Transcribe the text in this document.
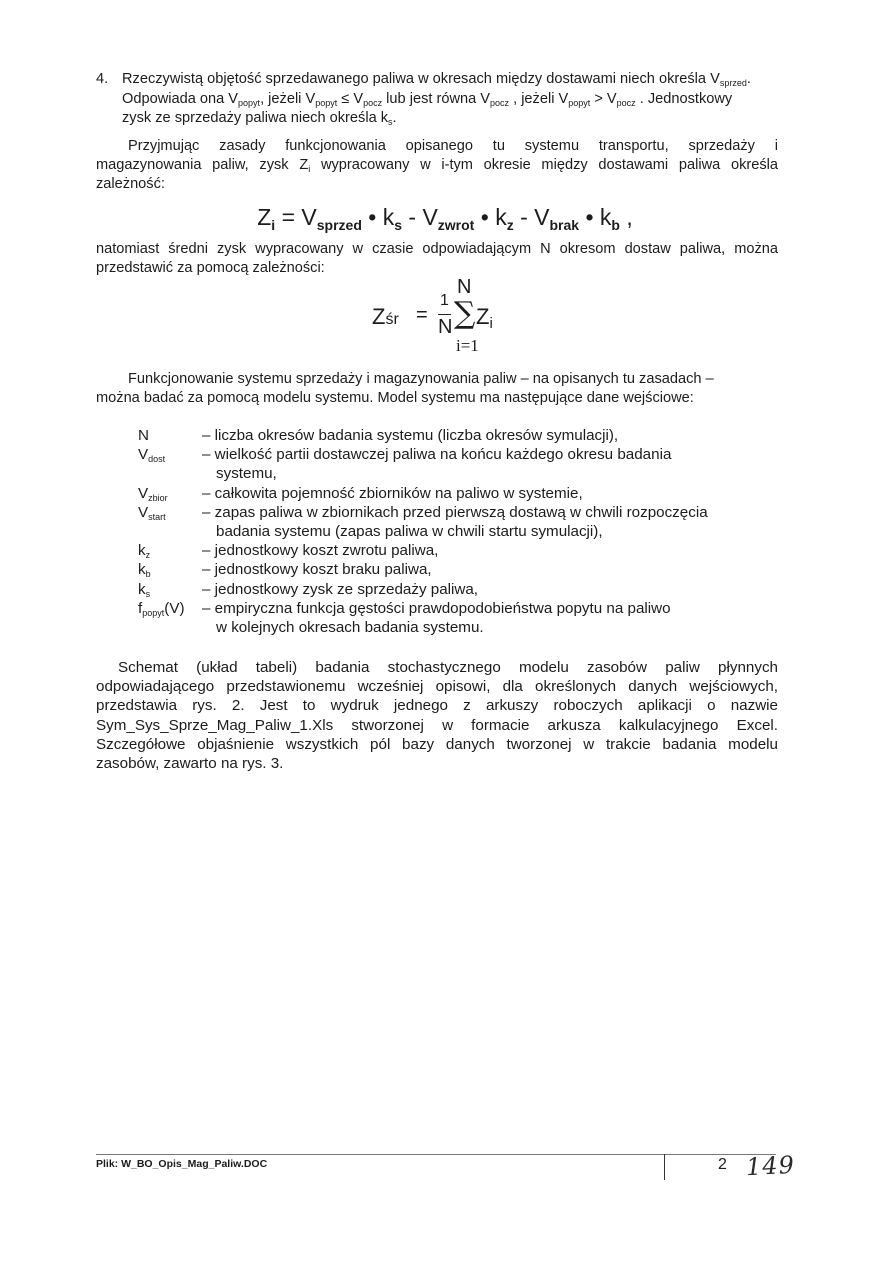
4. Rzeczywistą objętość sprzedawanego paliwa w okresach między dostawami niech określa $V_{sprzed}$.
Odpowiada ona $V_{popyt}$, jeżeli $V_{popyt} \le V_{pocz}$ lub jest równa $V_{pocz}$ , jeżeli $V_{popyt} > V_{pocz}$ . Jednostkowy
zysk ze sprzedaży paliwa niech określa $k_s$.
Przyjmując zasady funkcjonowania opisanego tu systemu transportu, sprzedaży i
magazynowania paliw, zysk $Z_i$ wypracowany w i-tym okresie między dostawami paliwa określa
zależność:
$Z_i = V_{sprzed}$ • $k_s - V_{zwrot}$ • $k_z - V_{brak}$ • $k_b$ ,
natomiast średni zysk wypracowany w czasie odpowiadającym N okresom dostaw paliwa, można
przedstawić za pomocą zależności:
Zśr =
1
N
N
∑
i=1
Zi
Funkcjonowanie systemu sprzedaży i magazynowania paliw – na opisanych tu zasadach –
można badać za pomocą modelu systemu. Model systemu ma następujące dane wejściowe:
N	– liczba okresów badania systemu (liczba okresów symulacji),
$V_{dost}$ – wielkość partii dostawczej paliwa na końcu każdego okresu badania
systemu,
$V_{zbior}$ – całkowita pojemność zbiorników na paliwo w systemie,
$V_{start}$ – zapas paliwa w zbiornikach przed pierwszą dostawą w chwili rozpoczęcia
badania systemu (zapas paliwa w chwili startu symulacji),
$k_z$	– jednostkowy koszt zwrotu paliwa,
$k_b$	– jednostkowy koszt braku paliwa,
$k_s$	– jednostkowy zysk ze sprzedaży paliwa,
$f_{popyt}(V)$ – empiryczna funkcja gęstości prawdopodobieństwa popytu na paliwo
w kolejnych okresach badania systemu.
Schemat (układ tabeli) badania stochastycznego modelu zasobów paliw płynnych
odpowiadającego przedstawionemu wcześniej opisowi, dla określonych danych wejściowych,
przedstawia rys. 2. Jest to wydruk jednego z arkuszy roboczych aplikacji o nazwie
Sym_Sys_Sprze_Mag_Paliw_1.Xls stworzonej w formacie arkusza kalkulacyjnego Excel.
Szczegółowe objaśnienie wszystkich pól bazy danych tworzonej w trakcie badania modelu
zasobów, zawarto na rys. 3.
Plik: W_BO_Opis_Mag_Paliw.DOC	2 149
